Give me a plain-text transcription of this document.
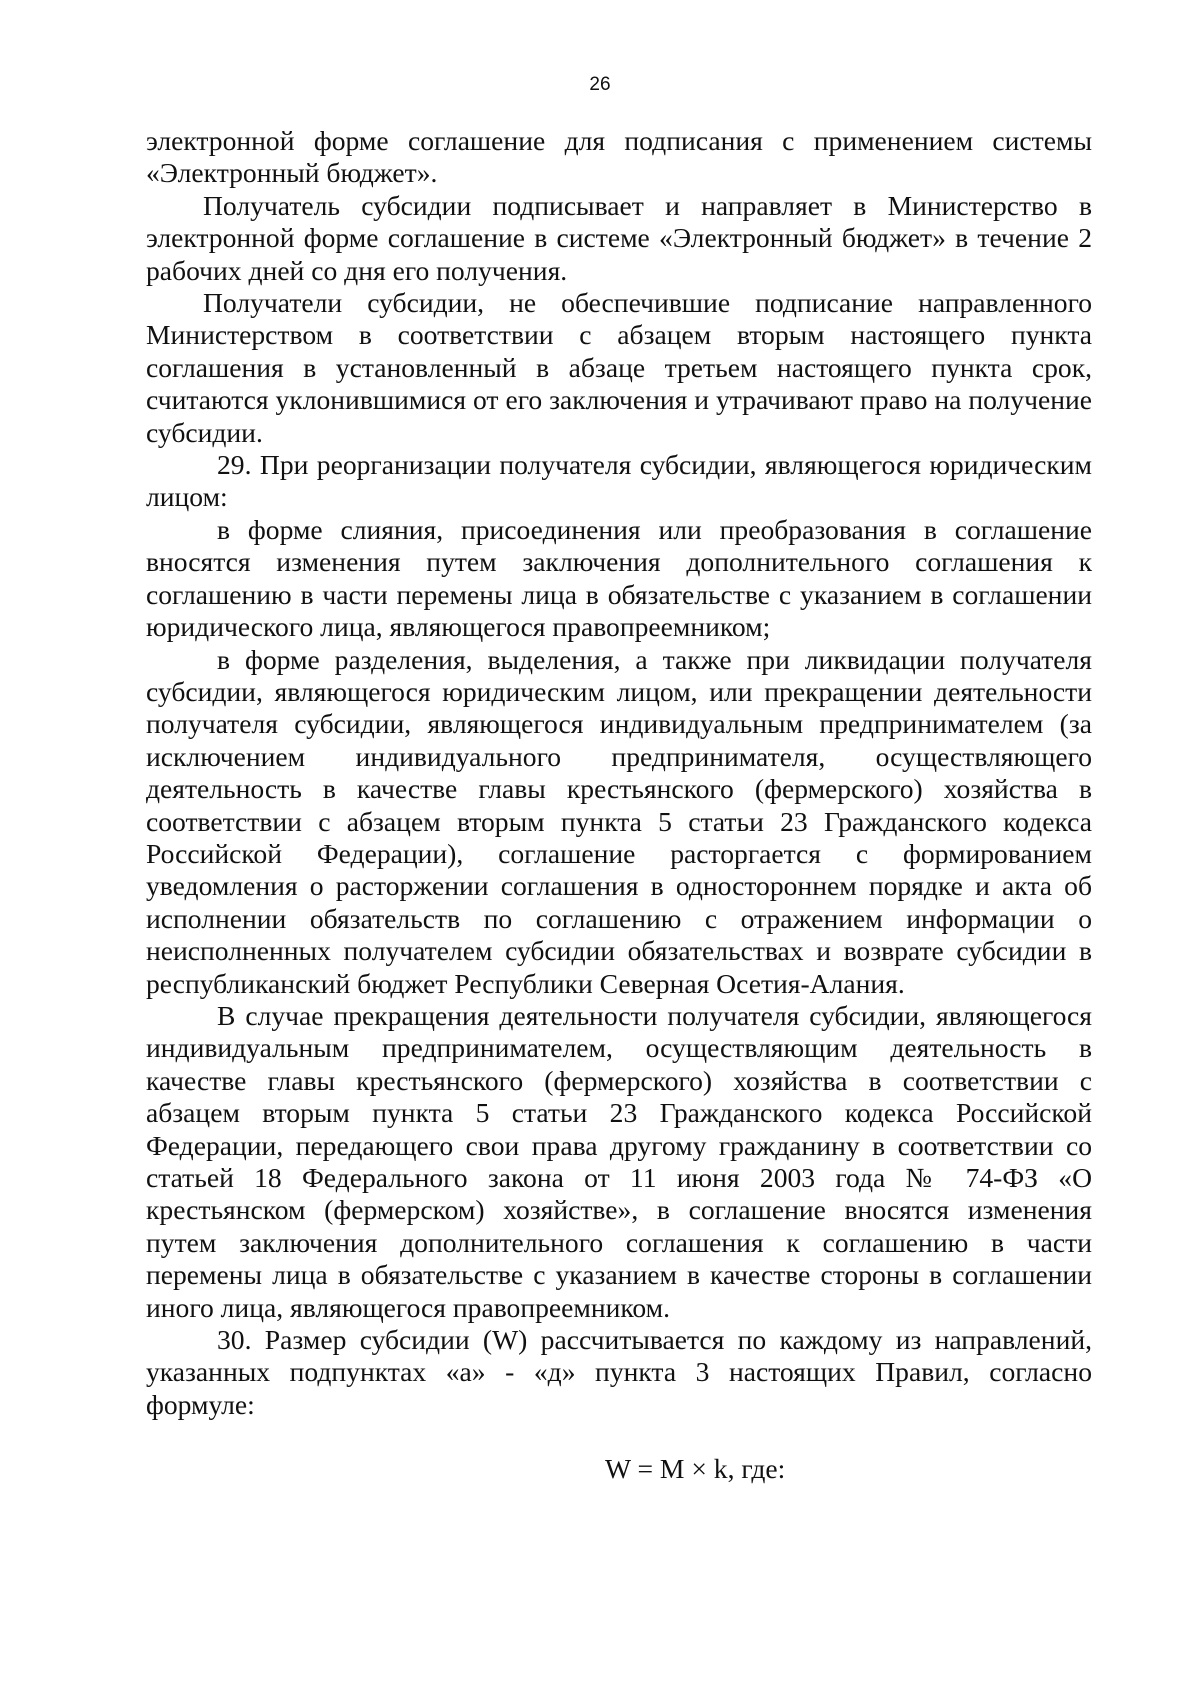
26

электронной форме соглашение для подписания с применением системы «Электронный бюджет».

Получатель субсидии подписывает и направляет в Министерство в электронной форме соглашение в системе «Электронный бюджет» в течение 2 рабочих дней со дня его получения.

Получатели субсидии, не обеспечившие подписание направленного Министерством в соответствии с абзацем вторым настоящего пункта соглашения в установленный в абзаце третьем настоящего пункта срок, считаются уклонившимися от его заключения и утрачивают право на получение субсидии.

29. При реорганизации получателя субсидии, являющегося юридическим лицом:

в форме слияния, присоединения или преобразования в соглашение вносятся изменения путем заключения дополнительного соглашения к соглашению в части перемены лица в обязательстве с указанием в соглашении юридического лица, являющегося правопреемником;

в форме разделения, выделения, а также при ликвидации получателя субсидии, являющегося юридическим лицом, или прекращении деятельности получателя субсидии, являющегося индивидуальным предпринимателем (за исключением индивидуального предпринимателя, осуществляющего деятельность в качестве главы крестьянского (фермерского) хозяйства в соответствии с абзацем вторым пункта 5 статьи 23 Гражданского кодекса Российской Федерации), соглашение расторгается с формированием уведомления о расторжении соглашения в одностороннем порядке и акта об исполнении обязательств по соглашению с отражением информации о неисполненных получателем субсидии обязательствах и возврате субсидии в республиканский бюджет Республики Северная Осетия-Алания.

В случае прекращения деятельности получателя субсидии, являющегося индивидуальным предпринимателем, осуществляющим деятельность в качестве главы крестьянского (фермерского) хозяйства в соответствии с абзацем вторым пункта 5 статьи 23 Гражданского кодекса Российской Федерации, передающего свои права другому гражданину в соответствии со статьей 18 Федерального закона от 11 июня 2003 года № 74-ФЗ «О крестьянском (фермерском) хозяйстве», в соглашение вносятся изменения путем заключения дополнительного соглашения к соглашению в части перемены лица в обязательстве с указанием в качестве стороны в соглашении иного лица, являющегося правопреемником.

30. Размер субсидии (W) рассчитывается по каждому из направлений, указанных подпунктах «а» - «д» пункта 3 настоящих Правил, согласно формуле:

W = M × k, где:
